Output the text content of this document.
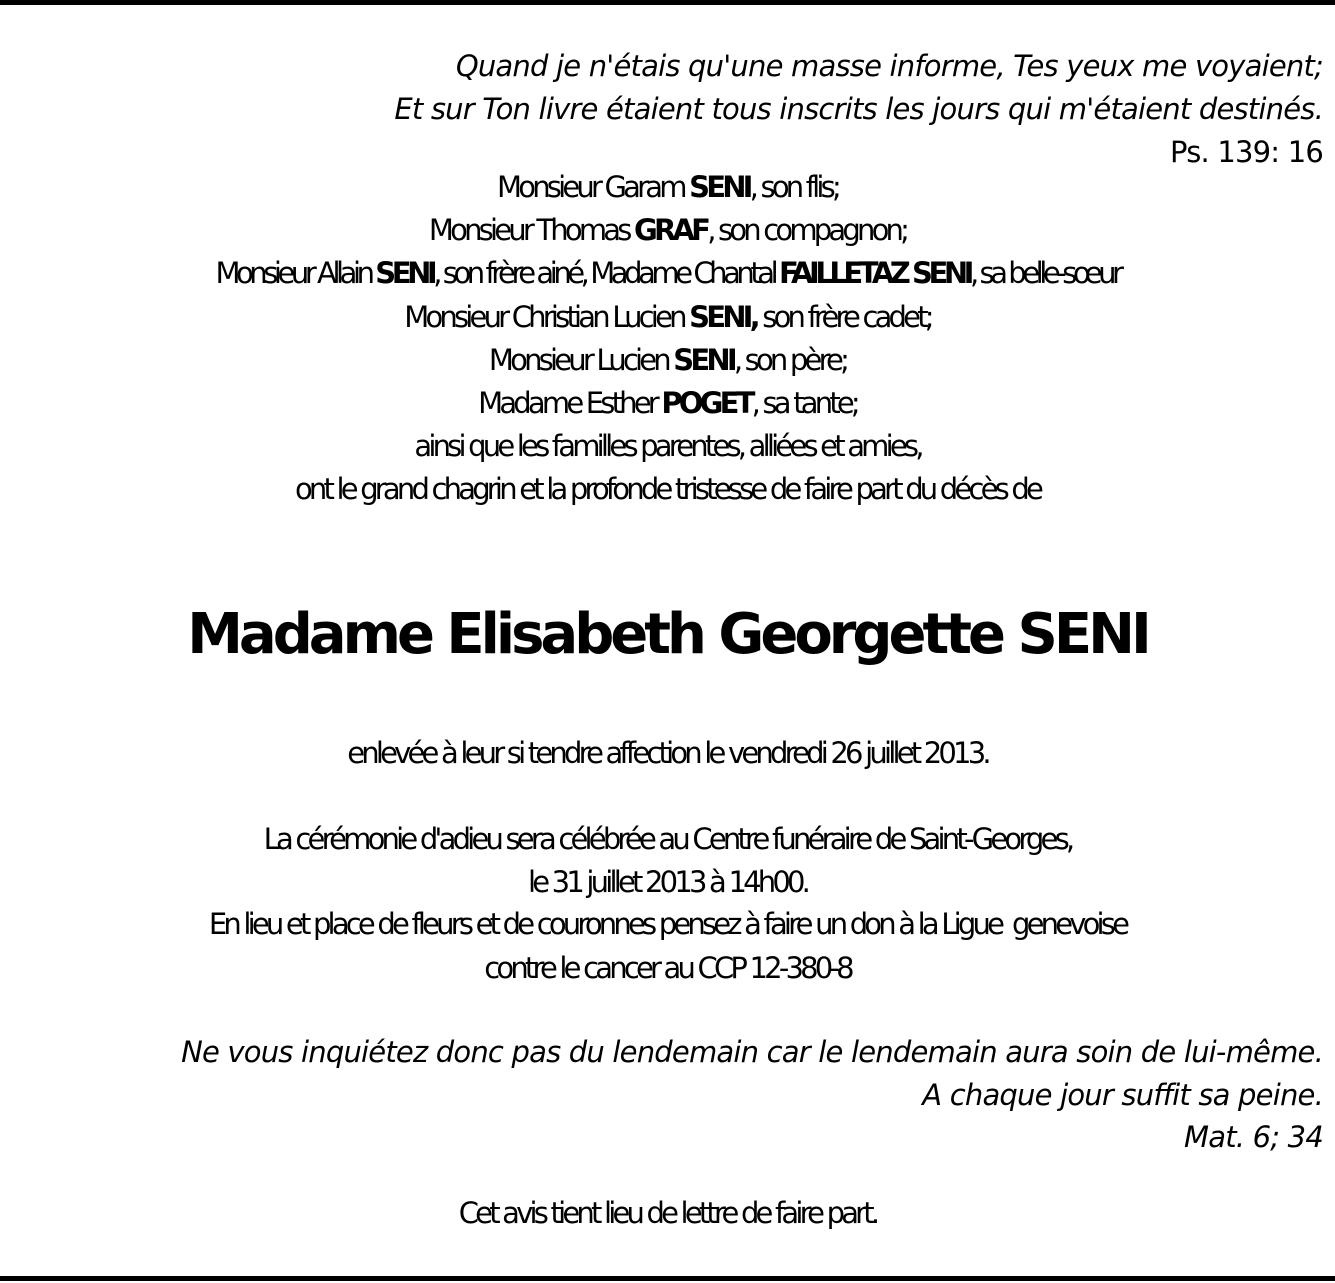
Quand je n'étais qu'une masse informe, Tes yeux me voyaient;
Et sur Ton livre étaient tous inscrits les jours qui m'étaient destinés.
Ps. 139: 16
Monsieur Garam SENI, son flis;
Monsieur Thomas GRAF, son compagnon;
Monsieur Allain SENI, son frère ainé, Madame Chantal FAILLETAZ SENI, sa belle-sœur
Monsieur Christian Lucien SENI, son frère cadet;
Monsieur Lucien SENI, son père;
Madame Esther POGET, sa tante;
ainsi que les familles parentes, alliées et amies,
ont le grand chagrin et la profonde tristesse de faire part du décès de
Madame Elisabeth Georgette SENI
enlevée à leur si tendre affection le vendredi 26 juillet 2013.
La cérémonie d'adieu sera célébrée au Centre funéraire de Saint-Georges,
le 31 juillet 2013 à 14h00.
En lieu et place de fleurs et de couronnes pensez à faire un don à la Ligue  genevoise
contre le cancer au CCP 12-380-8
Ne vous inquiétez donc pas du lendemain car le lendemain aura soin de lui-même.
A chaque jour suffit sa peine.
Mat. 6; 34
Cet avis tient lieu de lettre de faire part.
